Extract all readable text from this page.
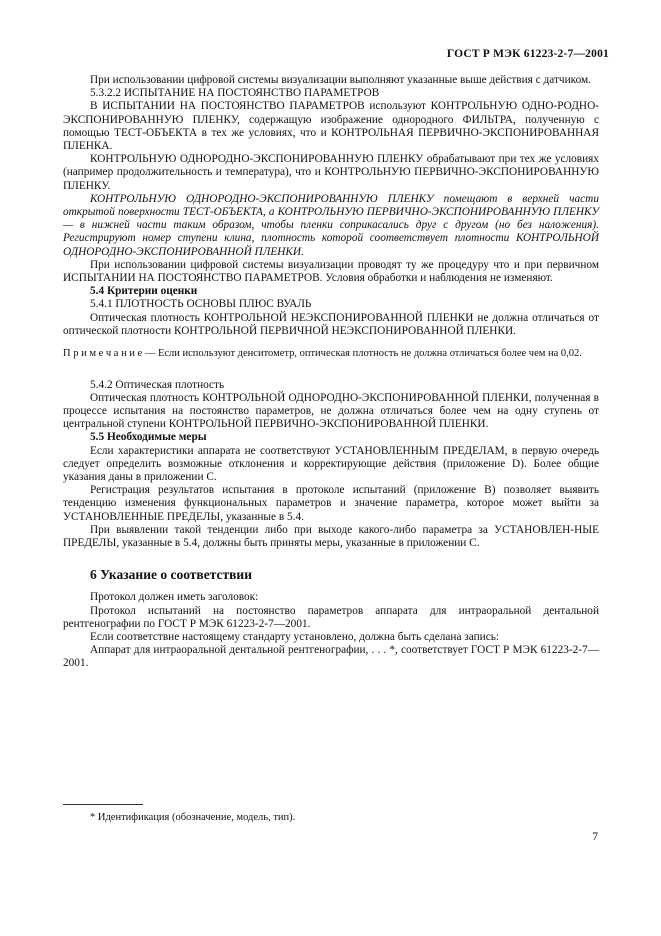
ГОСТ Р МЭК 61223-2-7—2001

При использовании цифровой системы визуализации выполняют указанные выше действия с датчиком.

5.3.2.2 ИСПЫТАНИЕ НА ПОСТОЯНСТВО ПАРАМЕТРОВ

В ИСПЫТАНИИ НА ПОСТОЯНСТВО ПАРАМЕТРОВ используют КОНТРОЛЬНУЮ ОДНО-РОДНО-ЭКСПОНИРОВАННУЮ ПЛЕНКУ, содержащую изображение однородного ФИЛЬТРА, полученную с помощью ТЕСТ-ОБЪЕКТА в тех же условиях, что и КОНТРОЛЬНАЯ ПЕРВИЧНО-ЭКСПОНИРОВАННАЯ ПЛЕНКА.

КОНТРОЛЬНУЮ ОДНОРОДНО-ЭКСПОНИРОВАННУЮ ПЛЕНКУ обрабатывают при тех же условиях (например продолжительность и температура), что и КОНТРОЛЬНУЮ ПЕРВИЧНО-ЭКСПОНИРОВАННУЮ ПЛЕНКУ.

КОНТРОЛЬНУЮ ОДНОРОДНО-ЭКСПОНИРОВАННУЮ ПЛЕНКУ помещают в верхней части открытой поверхности ТЕСТ-ОБЪЕКТА, а КОНТРОЛЬНУЮ ПЕРВИЧНО-ЭКСПОНИРОВАННУЮ ПЛЕНКУ — в нижней части таким образом, чтобы пленки соприкасались друг с другом (но без наложения). Регистрируют номер ступени клина, плотность которой соответствует плотности КОНТРОЛЬНОЙ ОДНОРОДНО-ЭКСПОНИРОВАННОЙ ПЛЕНКИ.

При использовании цифровой системы визуализации проводят ту же процедуру что и при первичном ИСПЫТАНИИ НА ПОСТОЯНСТВО ПАРАМЕТРОВ. Условия обработки и наблюдения не изменяют.

5.4 Критерии оценки

5.4.1 ПЛОТНОСТЬ ОСНОВЫ ПЛЮС ВУАЛЬ

Оптическая плотность КОНТРОЛЬНОЙ НЕЭКСПОНИРОВАННОЙ ПЛЕНКИ не должна отличаться от оптической плотности КОНТРОЛЬНОЙ ПЕРВИЧНОЙ НЕЭКСПОНИРОВАННОЙ ПЛЕНКИ.

П р и м е ч а н и е — Если используют денситометр, оптическая плотность не должна отличаться более чем на 0,02.

5.4.2 Оптическая плотность

Оптическая плотность КОНТРОЛЬНОЙ ОДНОРОДНО-ЭКСПОНИРОВАННОЙ ПЛЕНКИ, полученная в процессе испытания на постоянство параметров, не должна отличаться более чем на одну ступень от центральной ступени КОНТРОЛЬНОЙ ПЕРВИЧНО-ЭКСПОНИРОВАННОЙ ПЛЕНКИ.

5.5 Необходимые меры

Если характеристики аппарата не соответствуют УСТАНОВЛЕННЫМ ПРЕДЕЛАМ, в первую очередь следует определить возможные отклонения и корректирующие действия (приложение D). Более общие указания даны в приложении C.

Регистрация результатов испытания в протоколе испытаний (приложение B) позволяет выявить тенденцию изменения функциональных параметров и значение параметра, которое может выйти за УСТАНОВЛЕННЫЕ ПРЕДЕЛЫ, указанные в 5.4.

При выявлении такой тенденции либо при выходе какого-либо параметра за УСТАНОВЛЕН-НЫЕ ПРЕДЕЛЫ, указанные в 5.4, должны быть приняты меры, указанные в приложении C.

6 Указание о соответствии

Протокол должен иметь заголовок:

Протокол испытаний на постоянство параметров аппарата для интраоральной дентальной рентгенографии по ГОСТ Р МЭК 61223-2-7—2001.

Если соответствие настоящему стандарту установлено, должна быть сделана запись:

Аппарат для интраоральной дентальной рентгенографии, . . . *, соответствует ГОСТ Р МЭК 61223-2-7—2001.

* Идентификация (обозначение, модель, тип).
7
